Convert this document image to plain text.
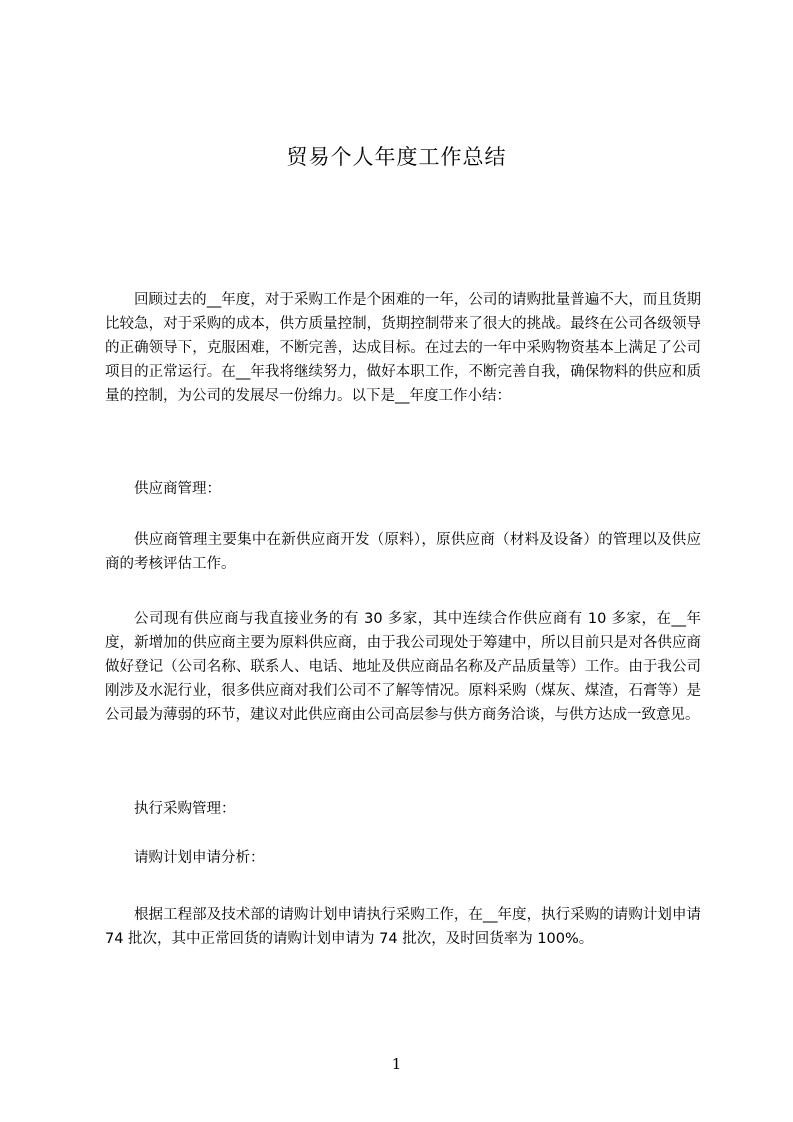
贸易个人年度工作总结

回顾过去的__年度，对于采购工作是个困难的一年，公司的请购批量普遍不大，而且货期比较急，对于采购的成本，供方质量控制，货期控制带来了很大的挑战。最终在公司各级领导的正确领导下，克服困难，不断完善，达成目标。在过去的一年中采购物资基本上满足了公司项目的正常运行。在__年我将继续努力，做好本职工作，不断完善自我，确保物料的供应和质量的控制，为公司的发展尽一份绵力。以下是__年度工作小结：

供应商管理：

供应商管理主要集中在新供应商开发（原料），原供应商（材料及设备）的管理以及供应商的考核评估工作。

公司现有供应商与我直接业务的有 30 多家，其中连续合作供应商有 10 多家，在__年度，新增加的供应商主要为原料供应商，由于我公司现处于筹建中，所以目前只是对各供应商做好登记（公司名称、联系人、电话、地址及供应商品名称及产品质量等）工作。由于我公司刚涉及水泥行业，很多供应商对我们公司不了解等情况。原料采购（煤灰、煤渣，石膏等）是公司最为薄弱的环节，建议对此供应商由公司高层参与供方商务洽谈，与供方达成一致意见。

执行采购管理：

请购计划申请分析：

根据工程部及技术部的请购计划申请执行采购工作，在__年度，执行采购的请购计划申请 74 批次，其中正常回货的请购计划申请为 74 批次，及时回货率为 100%。

1
